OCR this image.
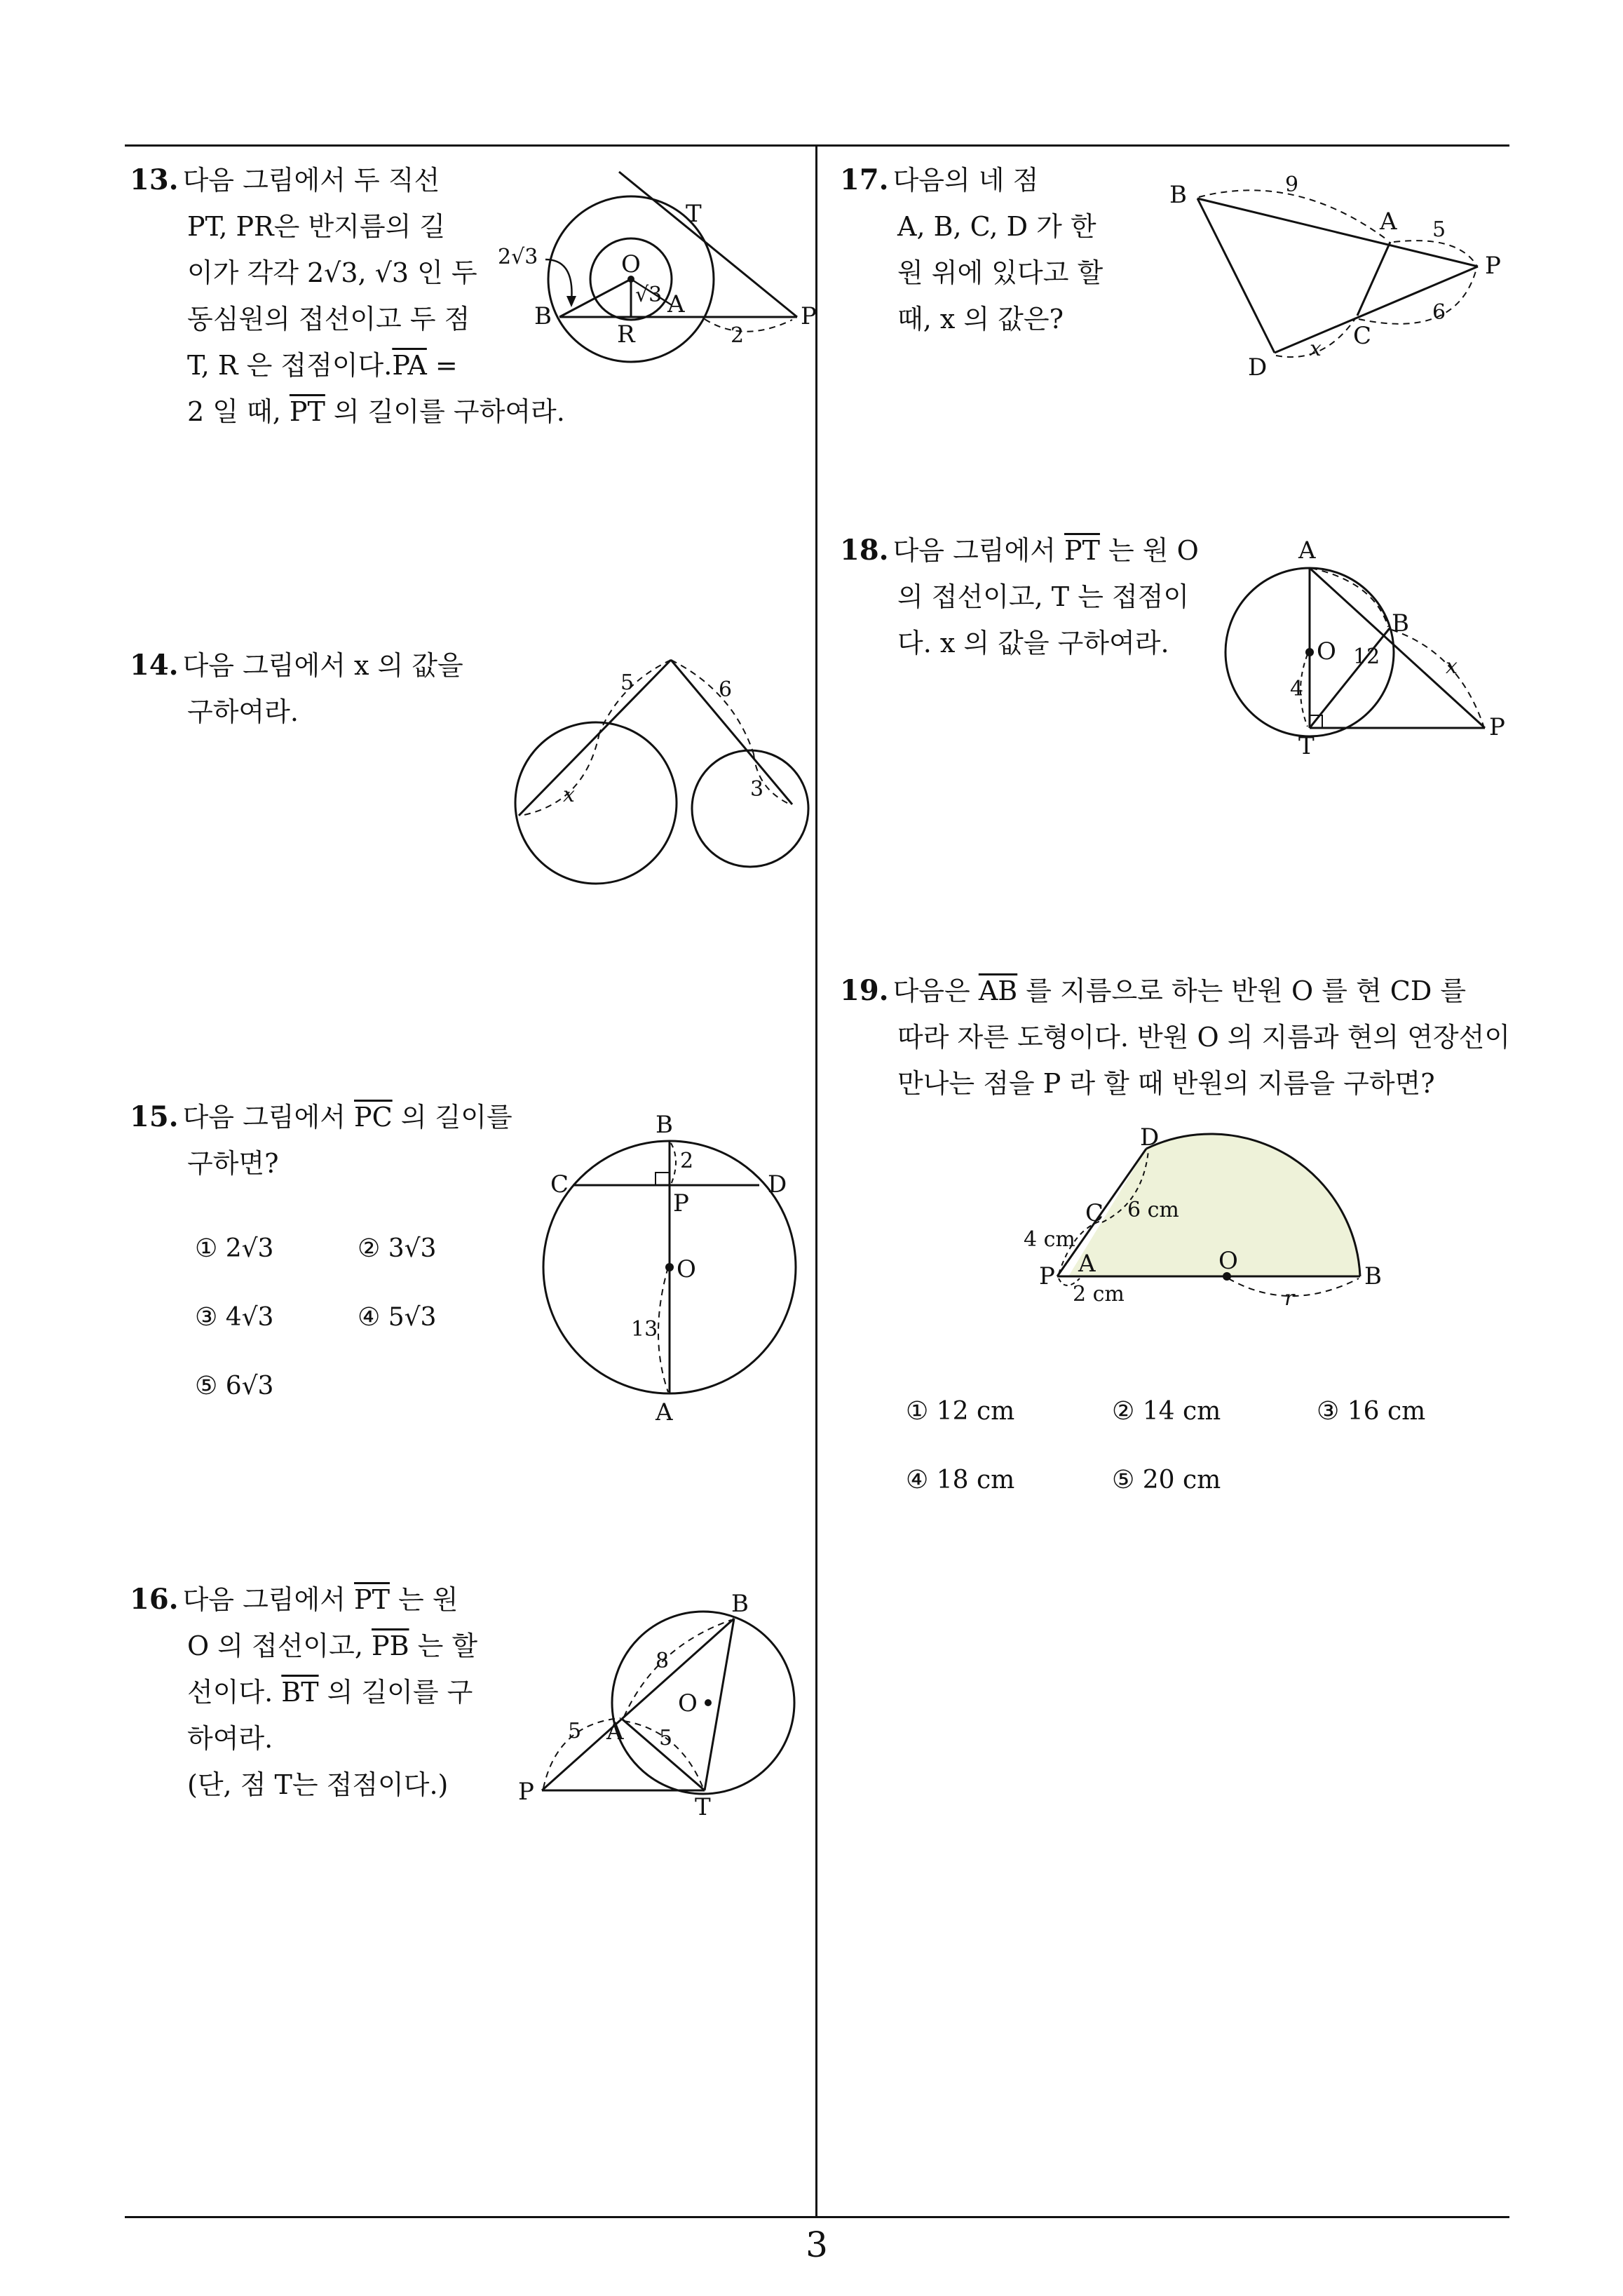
3
13. 다음 그림에서 두 직선
PT, PR은 반지름의 길
이가 각각 2√3, √3 인 두
동심원의 접선이고 두 점
T, R 은 접점이다$.\overline{PA}$ =
2 일 때, $\overline{PT}$ 의 길이를 구하여라.
T
O
B
R
A	P
2√3
√3
2
14. 다음 그림에서 x 의 값을
구하여라.
5	6
3
x
15. 다음 그림에서 $\overline{PC}$ 의 길이를
구하면?
① 2√3	② 3√3
③ 4√3	④ 5√3
⑤ 6√3
B
C	D
P
O
A
2
13
16. 다음 그림에서 $\overline{PT}$ 는 원
O 의 접선이고, $\overline{PB}$ 는 할
선이다. $\overline{BT}$ 의 길이를 구
하여라.
(단, 점 T는 접점이다.)
B
O
A
P
T
8
5	5
17. 다음의 네 점
A, B, C, D 가 한
원 위에 있다고 할
때, x 의 값은?
B
A
P
C
D
9
5
6
x
18. 다음 그림에서 $\overline{PT}$ 는 원 O
의 접선이고, T 는 접점이
다. x 의 값을 구하여라.
A
O
B
T
P
12
4
x
19. 다음은 $\overline{AB}$ 를 지름으로 하는 반원 O 를 현 CD 를
따라 자른 도형이다. 반원 O 의 지름과 현의 연장선이
만나는 점을 P 라 할 때 반원의 지름을 구하면?
D
C
A	O
B
P
6 cm
4 cm
2 cm	r
① 12 cm	② 14 cm	③ 16 cm
④ 18 cm	⑤ 20 cm
